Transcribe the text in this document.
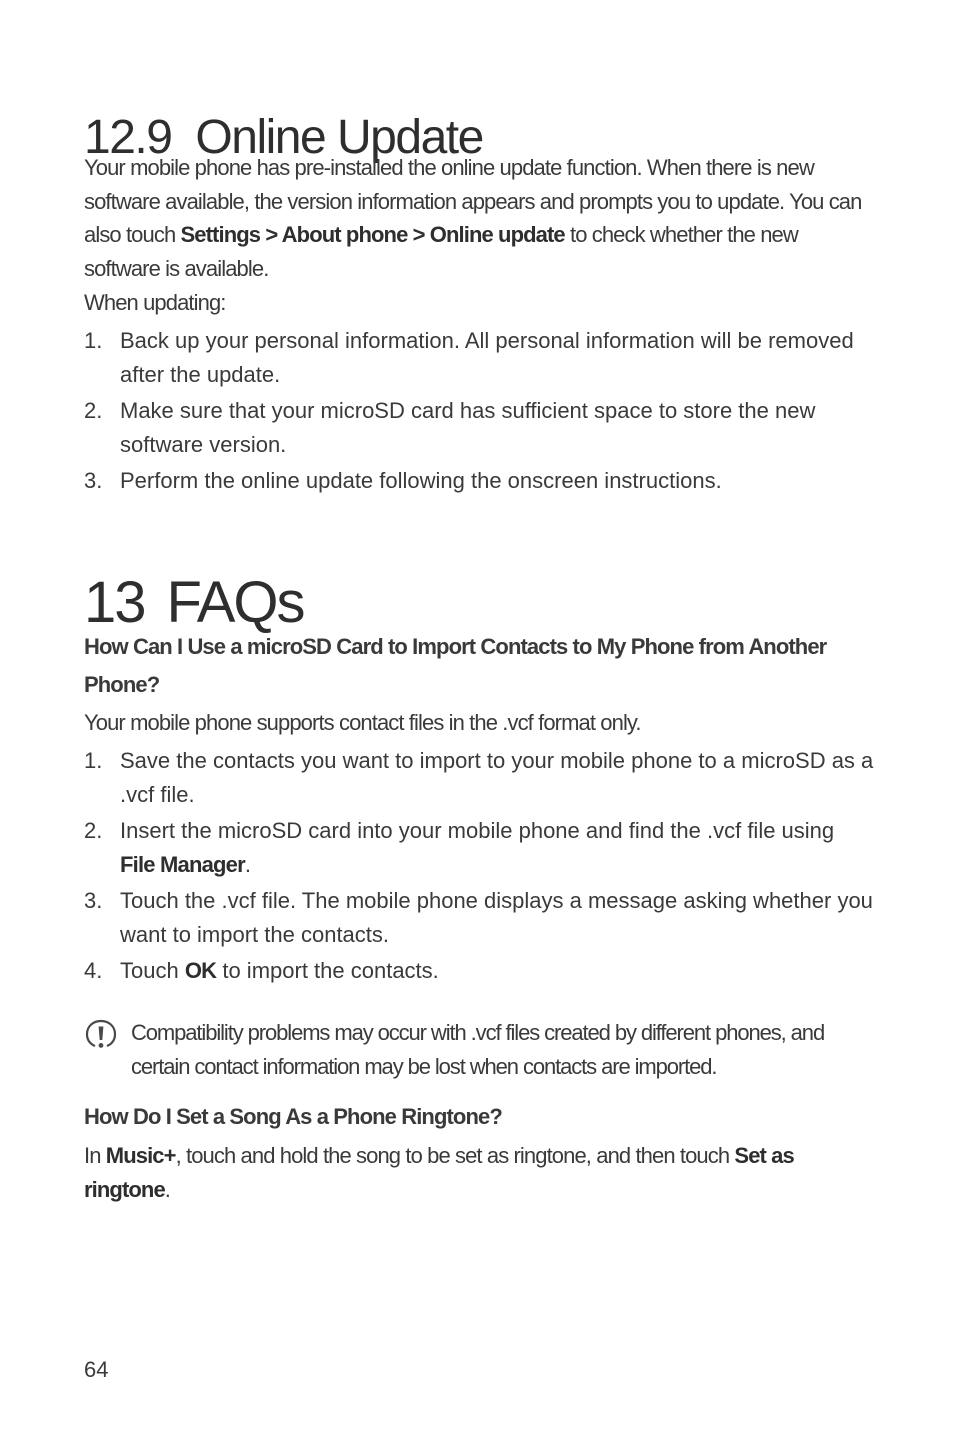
12.9 Online Update

Your mobile phone has pre-installed the online update function. When there is new software available, the version information appears and prompts you to update. You can also touch Settings > About phone > Online update to check whether the new software is available.

When updating:

1. Back up your personal information. All personal information will be removed after the update.
2. Make sure that your microSD card has sufficient space to store the new software version.
3. Perform the online update following the onscreen instructions.
13 FAQs
How Can I Use a microSD Card to Import Contacts to My Phone from Another Phone?

Your mobile phone supports contact files in the .vcf format only.

1. Save the contacts you want to import to your mobile phone to a microSD as a .vcf file.
2. Insert the microSD card into your mobile phone and find the .vcf file using File Manager.
3. Touch the .vcf file. The mobile phone displays a message asking whether you want to import the contacts.
4. Touch OK to import the contacts.
Compatibility problems may occur with .vcf files created by different phones, and certain contact information may be lost when contacts are imported.
How Do I Set a Song As a Phone Ringtone?

In Music+, touch and hold the song to be set as ringtone, and then touch Set as ringtone.

64
